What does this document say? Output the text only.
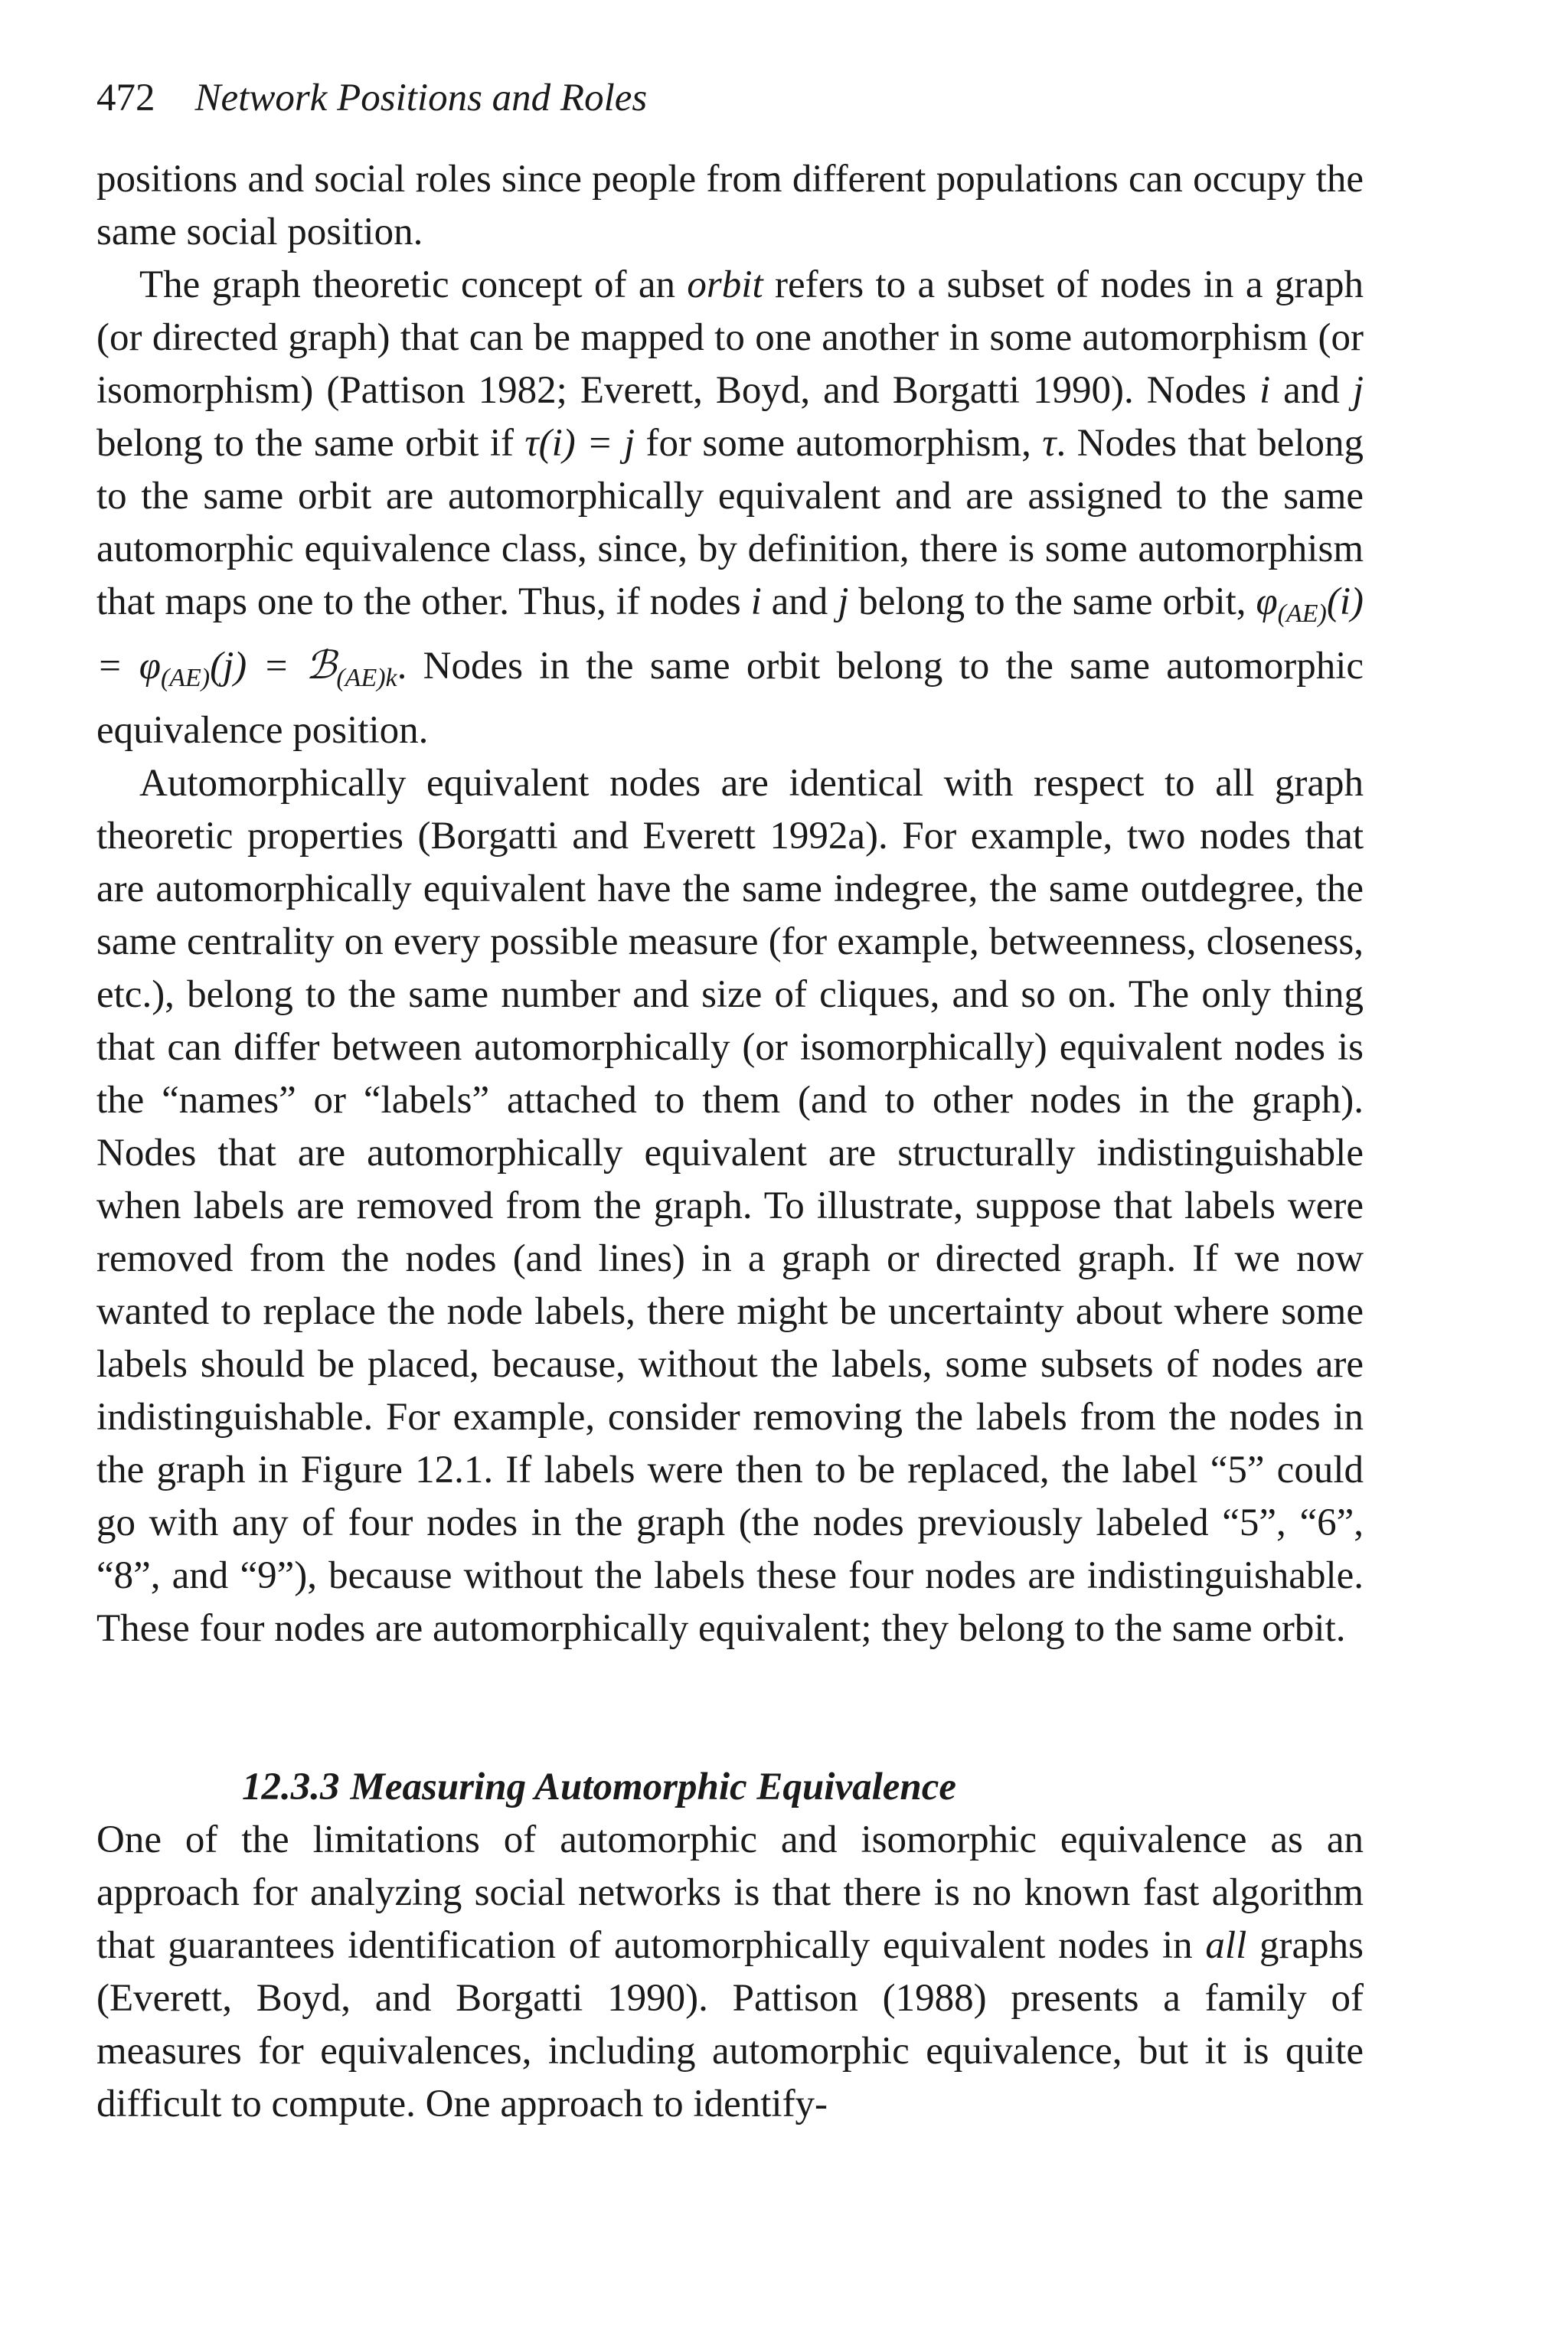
472 Network Positions and Roles

positions and social roles since people from different populations can occupy the same social position.

The graph theoretic concept of an orbit refers to a subset of nodes in a graph (or directed graph) that can be mapped to one another in some automorphism (or isomorphism) (Pattison 1982; Everett, Boyd, and Borgatti 1990). Nodes i and j belong to the same orbit if τ(i) = j for some automorphism, τ. Nodes that belong to the same orbit are automorphically equivalent and are assigned to the same automorphic equivalence class, since, by definition, there is some automorphism that maps one to the other. Thus, if nodes i and j belong to the same orbit, $\varphi_{(AE)}(i) = \varphi_{(AE)}(j)$ = ℬ$_{(AE)k}$. Nodes in the same orbit belong to the same automorphic equivalence position.

Automorphically equivalent nodes are identical with respect to all graph theoretic properties (Borgatti and Everett 1992a). For example, two nodes that are automorphically equivalent have the same indegree, the same outdegree, the same centrality on every possible measure (for example, betweenness, closeness, etc.), belong to the same number and size of cliques, and so on. The only thing that can differ between automorphically (or isomorphically) equivalent nodes is the “names” or “labels” attached to them (and to other nodes in the graph). Nodes that are automorphically equivalent are structurally indistinguishable when labels are removed from the graph. To illustrate, suppose that labels were removed from the nodes (and lines) in a graph or directed graph. If we now wanted to replace the node labels, there might be uncertainty about where some labels should be placed, because, without the labels, some subsets of nodes are indistinguishable. For example, consider removing the labels from the nodes in the graph in Figure 12.1. If labels were then to be replaced, the label “5” could go with any of four nodes in the graph (the nodes previously labeled “5”, “6”, “8”, and “9”), because without the labels these four nodes are indistinguishable. These four nodes are automorphically equivalent; they belong to the same orbit.

12.3.3 Measuring Automorphic Equivalence

One of the limitations of automorphic and isomorphic equivalence as an approach for analyzing social networks is that there is no known fast algorithm that guarantees identification of automorphically equivalent nodes in all graphs (Everett, Boyd, and Borgatti 1990). Pattison (1988) presents a family of measures for equivalences, including automorphic equivalence, but it is quite difficult to compute. One approach to identify-
